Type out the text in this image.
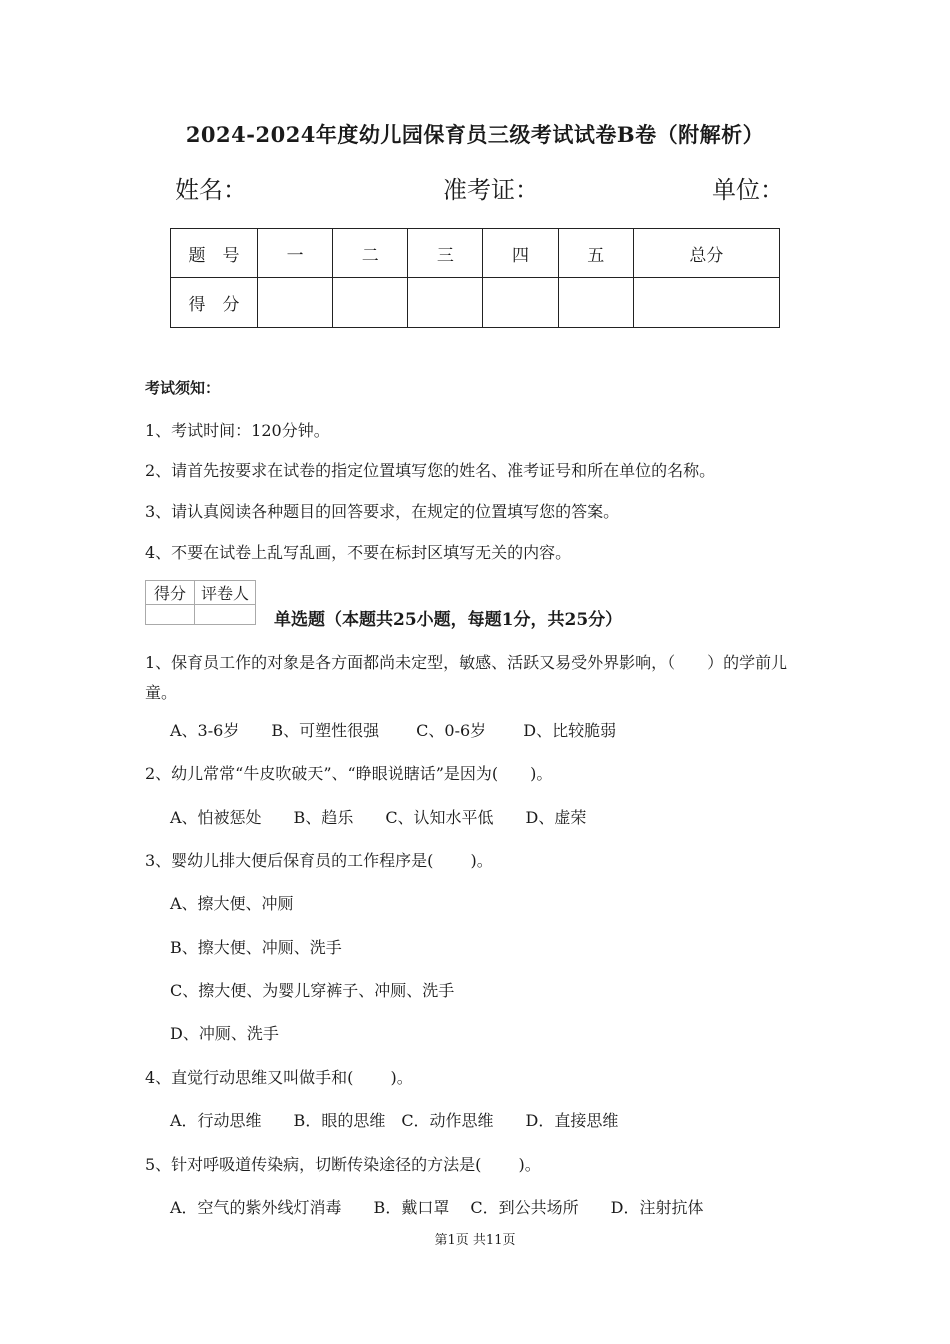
2024-2024年度幼儿园保育员三级考试试卷B卷（附解析）
姓名：	准考证：	单位：
题　号	一	二	三	四	五	总分
得　分						
考试须知：
1、考试时间：120分钟。
2、请首先按要求在试卷的指定位置填写您的姓名、准考证号和所在单位的名称。
3、请认真阅读各种题目的回答要求，在规定的位置填写您的答案。
4、不要在试卷上乱写乱画，不要在标封区填写无关的内容。
得分	评卷人

单选题（本题共25小题，每题1分，共25分）
1、保育员工作的对象是各方面都尚未定型，敏感、活跃又易受外界影响，（　　）的学前儿童。
A、3-6岁　　B、可塑性很强　　 C、0-6岁　　 D、比较脆弱
2、幼儿常常“牛皮吹破天”、“睁眼说瞎话”是因为(　　)。
A、怕被惩处　　B、趋乐　　C、认知水平低　　D、虚荣
3、婴幼儿排大便后保育员的工作程序是(　　 )。
A、擦大便、冲厕
B、擦大便、冲厕、洗手
C、擦大便、为婴儿穿裤子、冲厕、洗手
D、冲厕、洗手
4、直觉行动思维又叫做手和(　　 )。
A．行动思维　　B．眼的思维　C．动作思维　　D．直接思维
5、针对呼吸道传染病，切断传染途径的方法是(　　 )。
A．空气的紫外线灯消毒　　B．戴口罩　 C．到公共场所　　D．注射抗体
第1页 共11页
